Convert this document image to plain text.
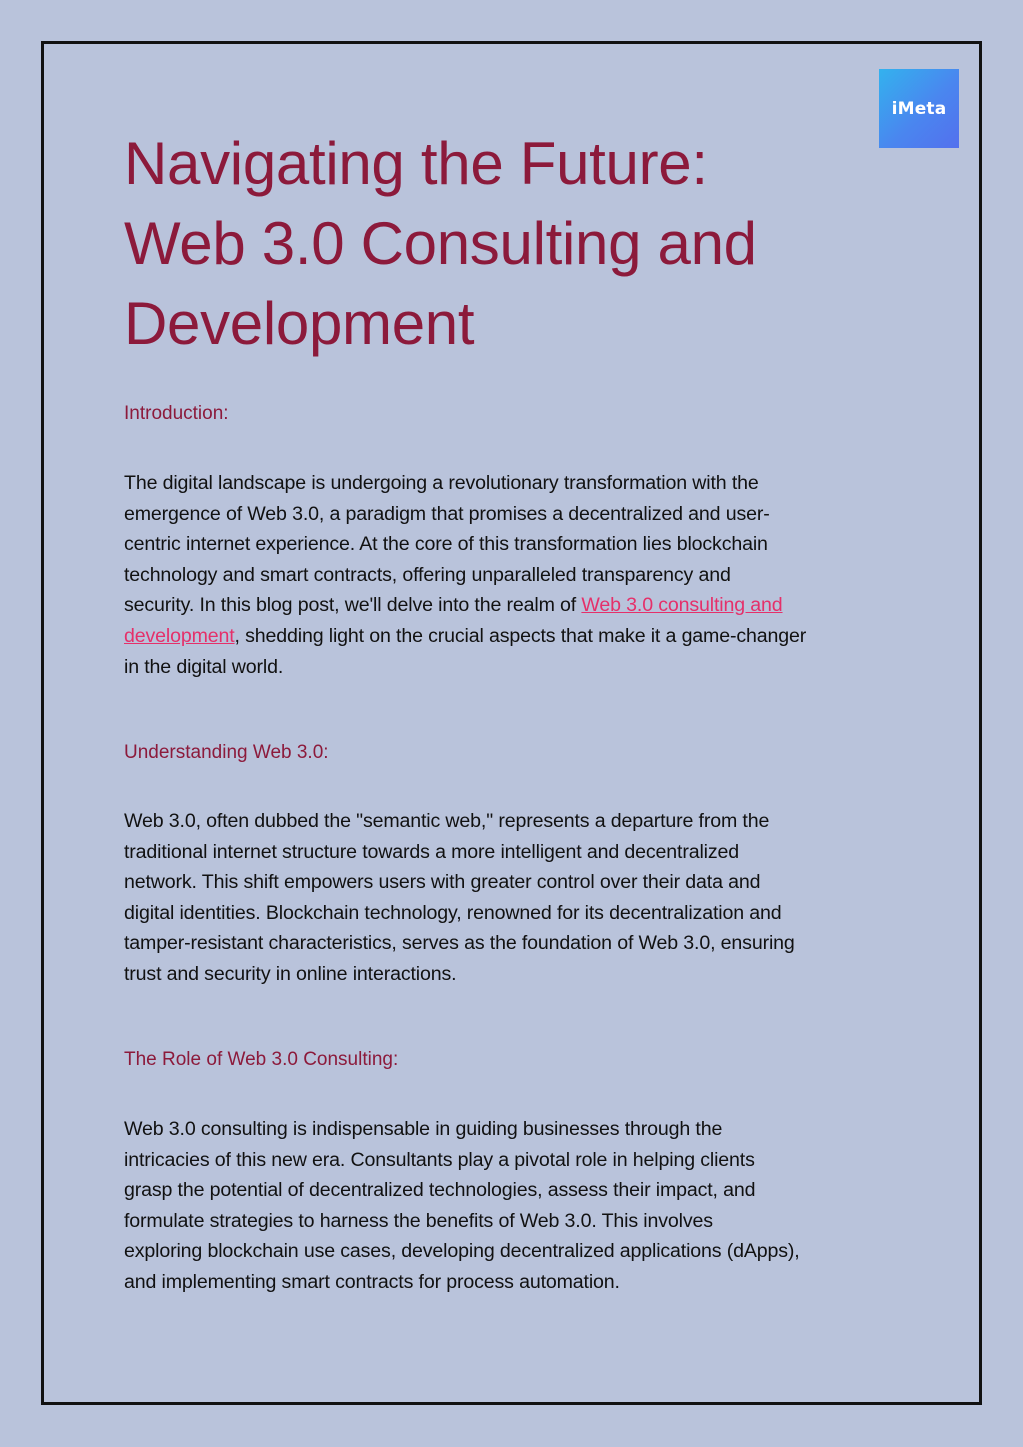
iMeta
Navigating the Future:
Web 3.0 Consulting and
Development
Introduction:

The digital landscape is undergoing a revolutionary transformation with the
emergence of Web 3.0, a paradigm that promises a decentralized and user-
centric internet experience. At the core of this transformation lies blockchain
technology and smart contracts, offering unparalleled transparency and
security. In this blog post, we'll delve into the realm of Web 3.0 consulting and
development, shedding light on the crucial aspects that make it a game-changer
in the digital world.

Understanding Web 3.0:

Web 3.0, often dubbed the "semantic web," represents a departure from the
traditional internet structure towards a more intelligent and decentralized
network. This shift empowers users with greater control over their data and
digital identities. Blockchain technology, renowned for its decentralization and
tamper-resistant characteristics, serves as the foundation of Web 3.0, ensuring
trust and security in online interactions.

The Role of Web 3.0 Consulting:

Web 3.0 consulting is indispensable in guiding businesses through the
intricacies of this new era. Consultants play a pivotal role in helping clients
grasp the potential of decentralized technologies, assess their impact, and
formulate strategies to harness the benefits of Web 3.0. This involves
exploring blockchain use cases, developing decentralized applications (dApps),
and implementing smart contracts for process automation.
